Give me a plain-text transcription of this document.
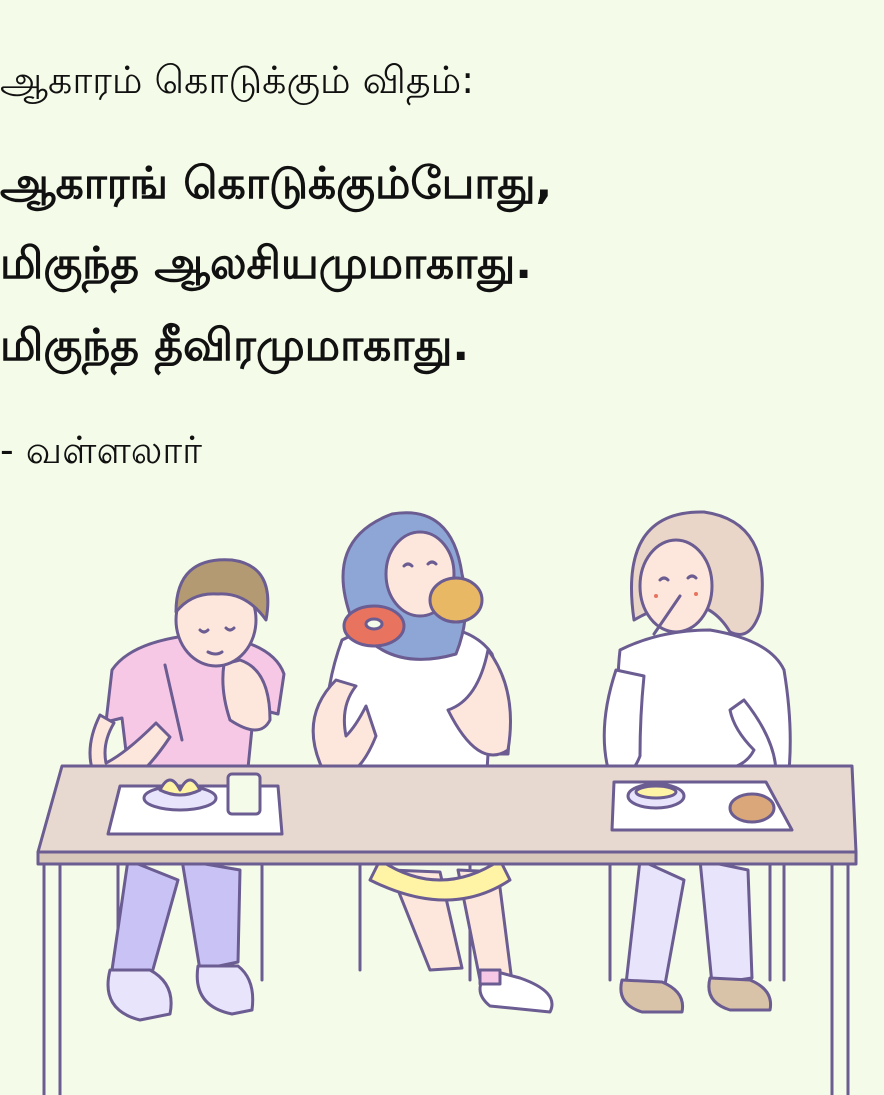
ஆகாரம் கொடுக்கும் விதம்:
ஆகாரங் கொடுக்கும்போது,
மிகுந்த ஆலசியமுமாகாது.
மிகுந்த தீவிரமுமாகாது.
- வள்ளலார்
